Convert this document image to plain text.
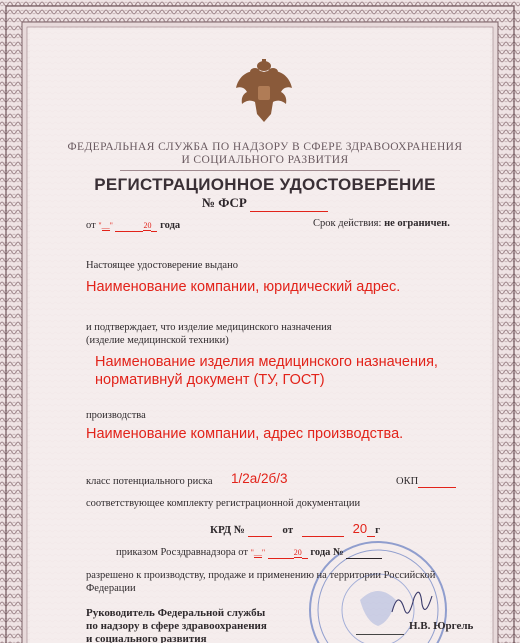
ФЕДЕРАЛЬНАЯ СЛУЖБА ПО НАДЗОРУ В СФЕРЕ ЗДРАВООХРАНЕНИЯ
И СОЦИАЛЬНОГО РАЗВИТИЯ
РЕГИСТРАЦИОННОЕ УДОСТОВЕРЕНИЕ
№ ФСР
от "__"	20 года	Срок действия: не ограничен.
Настоящее удостоверение выдано
Наименование компании, юридический адрес.
и подтверждает, что изделие медицинского назначения
(изделие медицинской техники)
Наименование изделия медицинского назначения,
нормативнуй документ (ТУ, ГОСТ)
производства
Наименование компании, адрес производства.
класс потенциального риска 1/2а/2б/3	ОКП
соответствующее комплекту регистрационной документации
КРД №	от	20 г
приказом Росздравнадзора от "__"	20 года №
разрешено к производству, продаже и применению на территории Российской
Федерации
Руководитель Федеральной службы
по надзору в сфере здравоохранения
и социального развития
Н.В. Юргель
